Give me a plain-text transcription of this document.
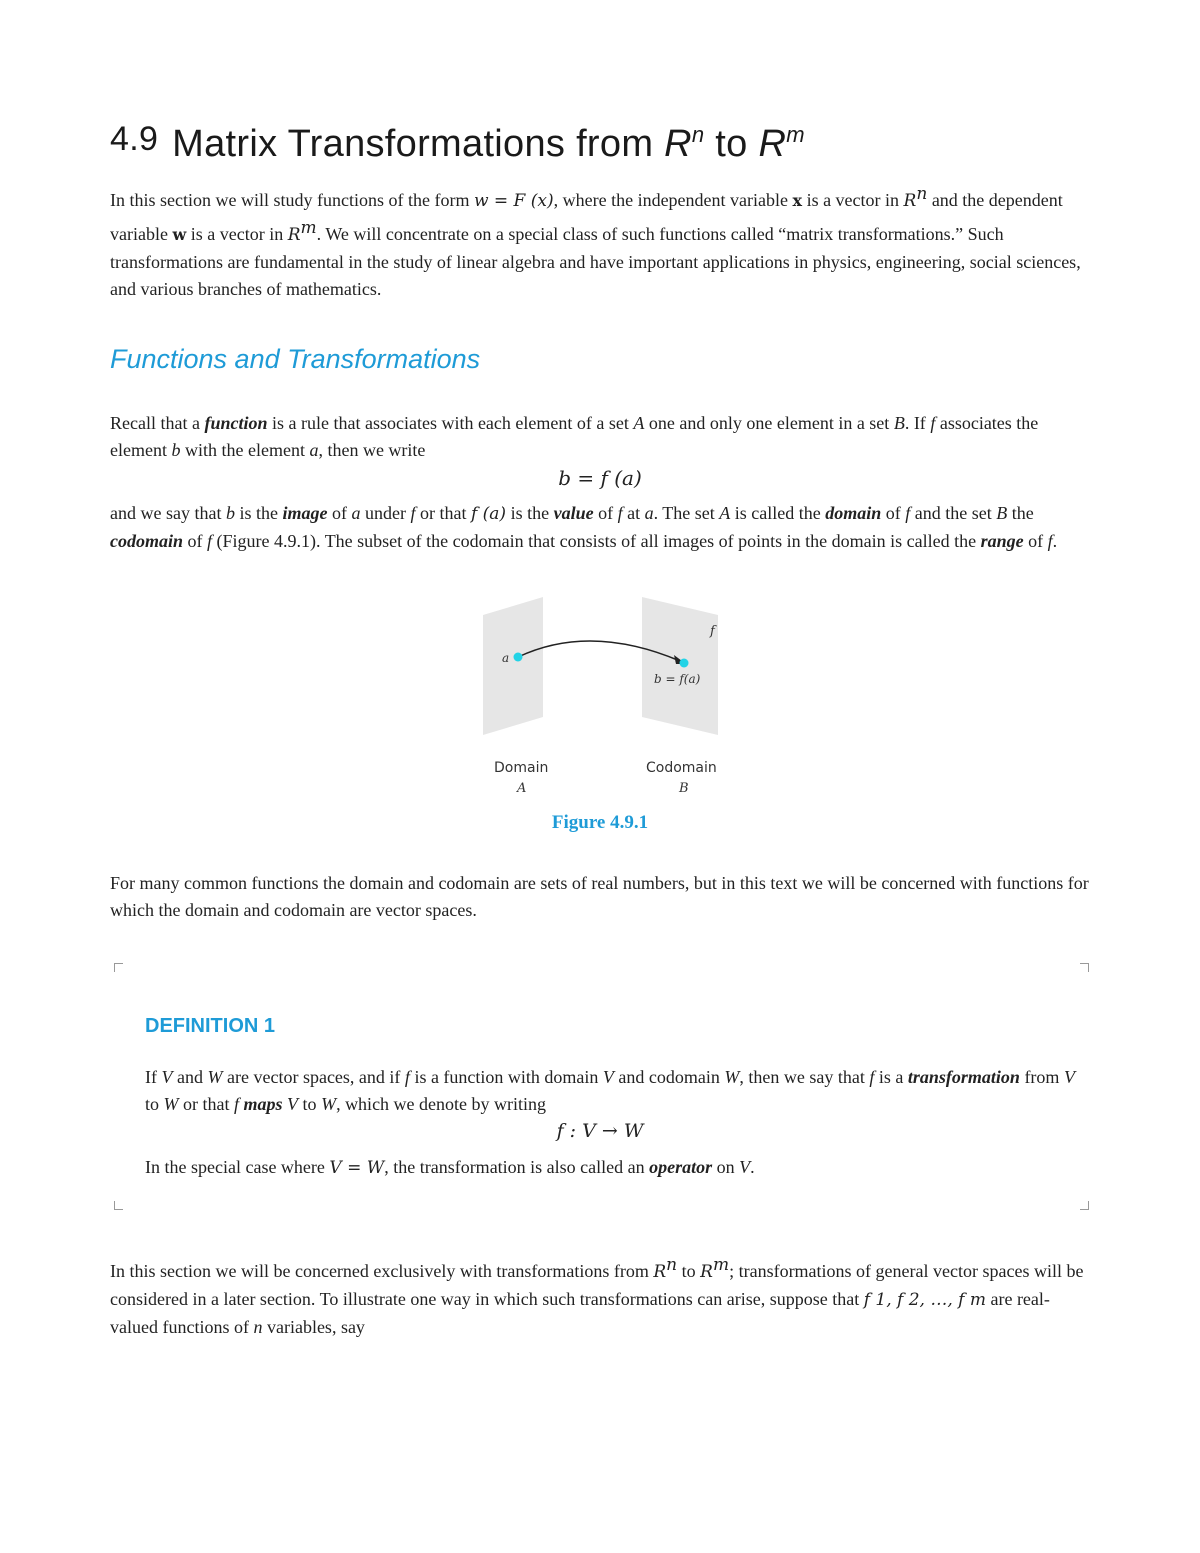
4.9 Matrix Transformations from $R^n$ to $R^m$

In this section we will study functions of the form w = F (x), where the independent variable x is a vector in $R^n$ and the dependent variable w is a vector in $R^m$. We will concentrate on a special class of such functions called “matrix transformations.” Such transformations are fundamental in the study of linear algebra and have important applications in physics, engineering, social sciences, and various branches of mathematics.

Functions and Transformations

Recall that a function is a rule that associates with each element of a set A one and only one element in a set B. If f associates the element b with the element a, then we write

b = f (a)

and we say that b is the image of a under f or that f (a) is the value of f at a. The set A is called the domain of f and the set B the codomain of f (Figure 4.9.1). The subset of the codomain that consists of all images of points in the domain is called the range of f.

f
a
b = f(a)
Domain
A
Codomain
B
Figure 4.9.1

For many common functions the domain and codomain are sets of real numbers, but in this text we will be concerned with functions for which the domain and codomain are vector spaces.

DEFINITION 1

If V and W are vector spaces, and if f is a function with domain V and codomain W, then we say that f is a transformation from V to W or that f maps V to W, which we denote by writing

f : V → W

In the special case where V = W, the transformation is also called an operator on V.

In this section we will be concerned exclusively with transformations from $R^n$ to $R^m$; transformations of general vector spaces will be considered in a later section. To illustrate one way in which such transformations can arise, suppose that f 1, f 2, …, f m are real-valued functions of n variables, say
